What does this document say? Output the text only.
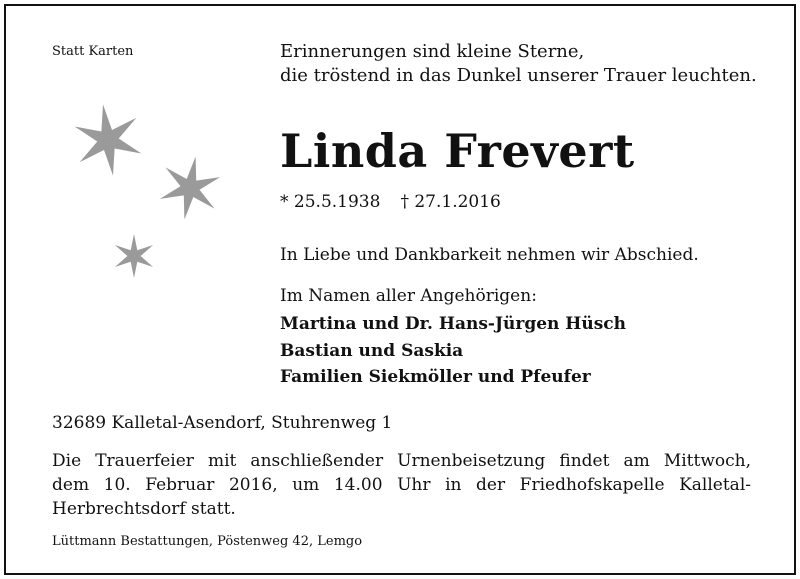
Statt Karten	Erinnerungen sind kleine Sterne,
die tröstend in das Dunkel unserer Trauer leuchten.
Linda Frevert
* 25.5.1938 † 27.1.2016
In Liebe und Dankbarkeit nehmen wir Abschied.
Im Namen aller Angehörigen:
Martina und Dr. Hans-Jürgen Hüsch
Bastian und Saskia
Familien Siekmöller und Pfeufer
32689 Kalletal-Asendorf, Stuhrenweg 1
Die Trauerfeier mit anschließender Urnenbeisetzung findet am Mittwoch,
dem 10. Februar 2016, um 14.00 Uhr in der Friedhofskapelle Kalletal-
Herbrechtsdorf statt.
Lüttmann Bestattungen, Pöstenweg 42, Lemgo
